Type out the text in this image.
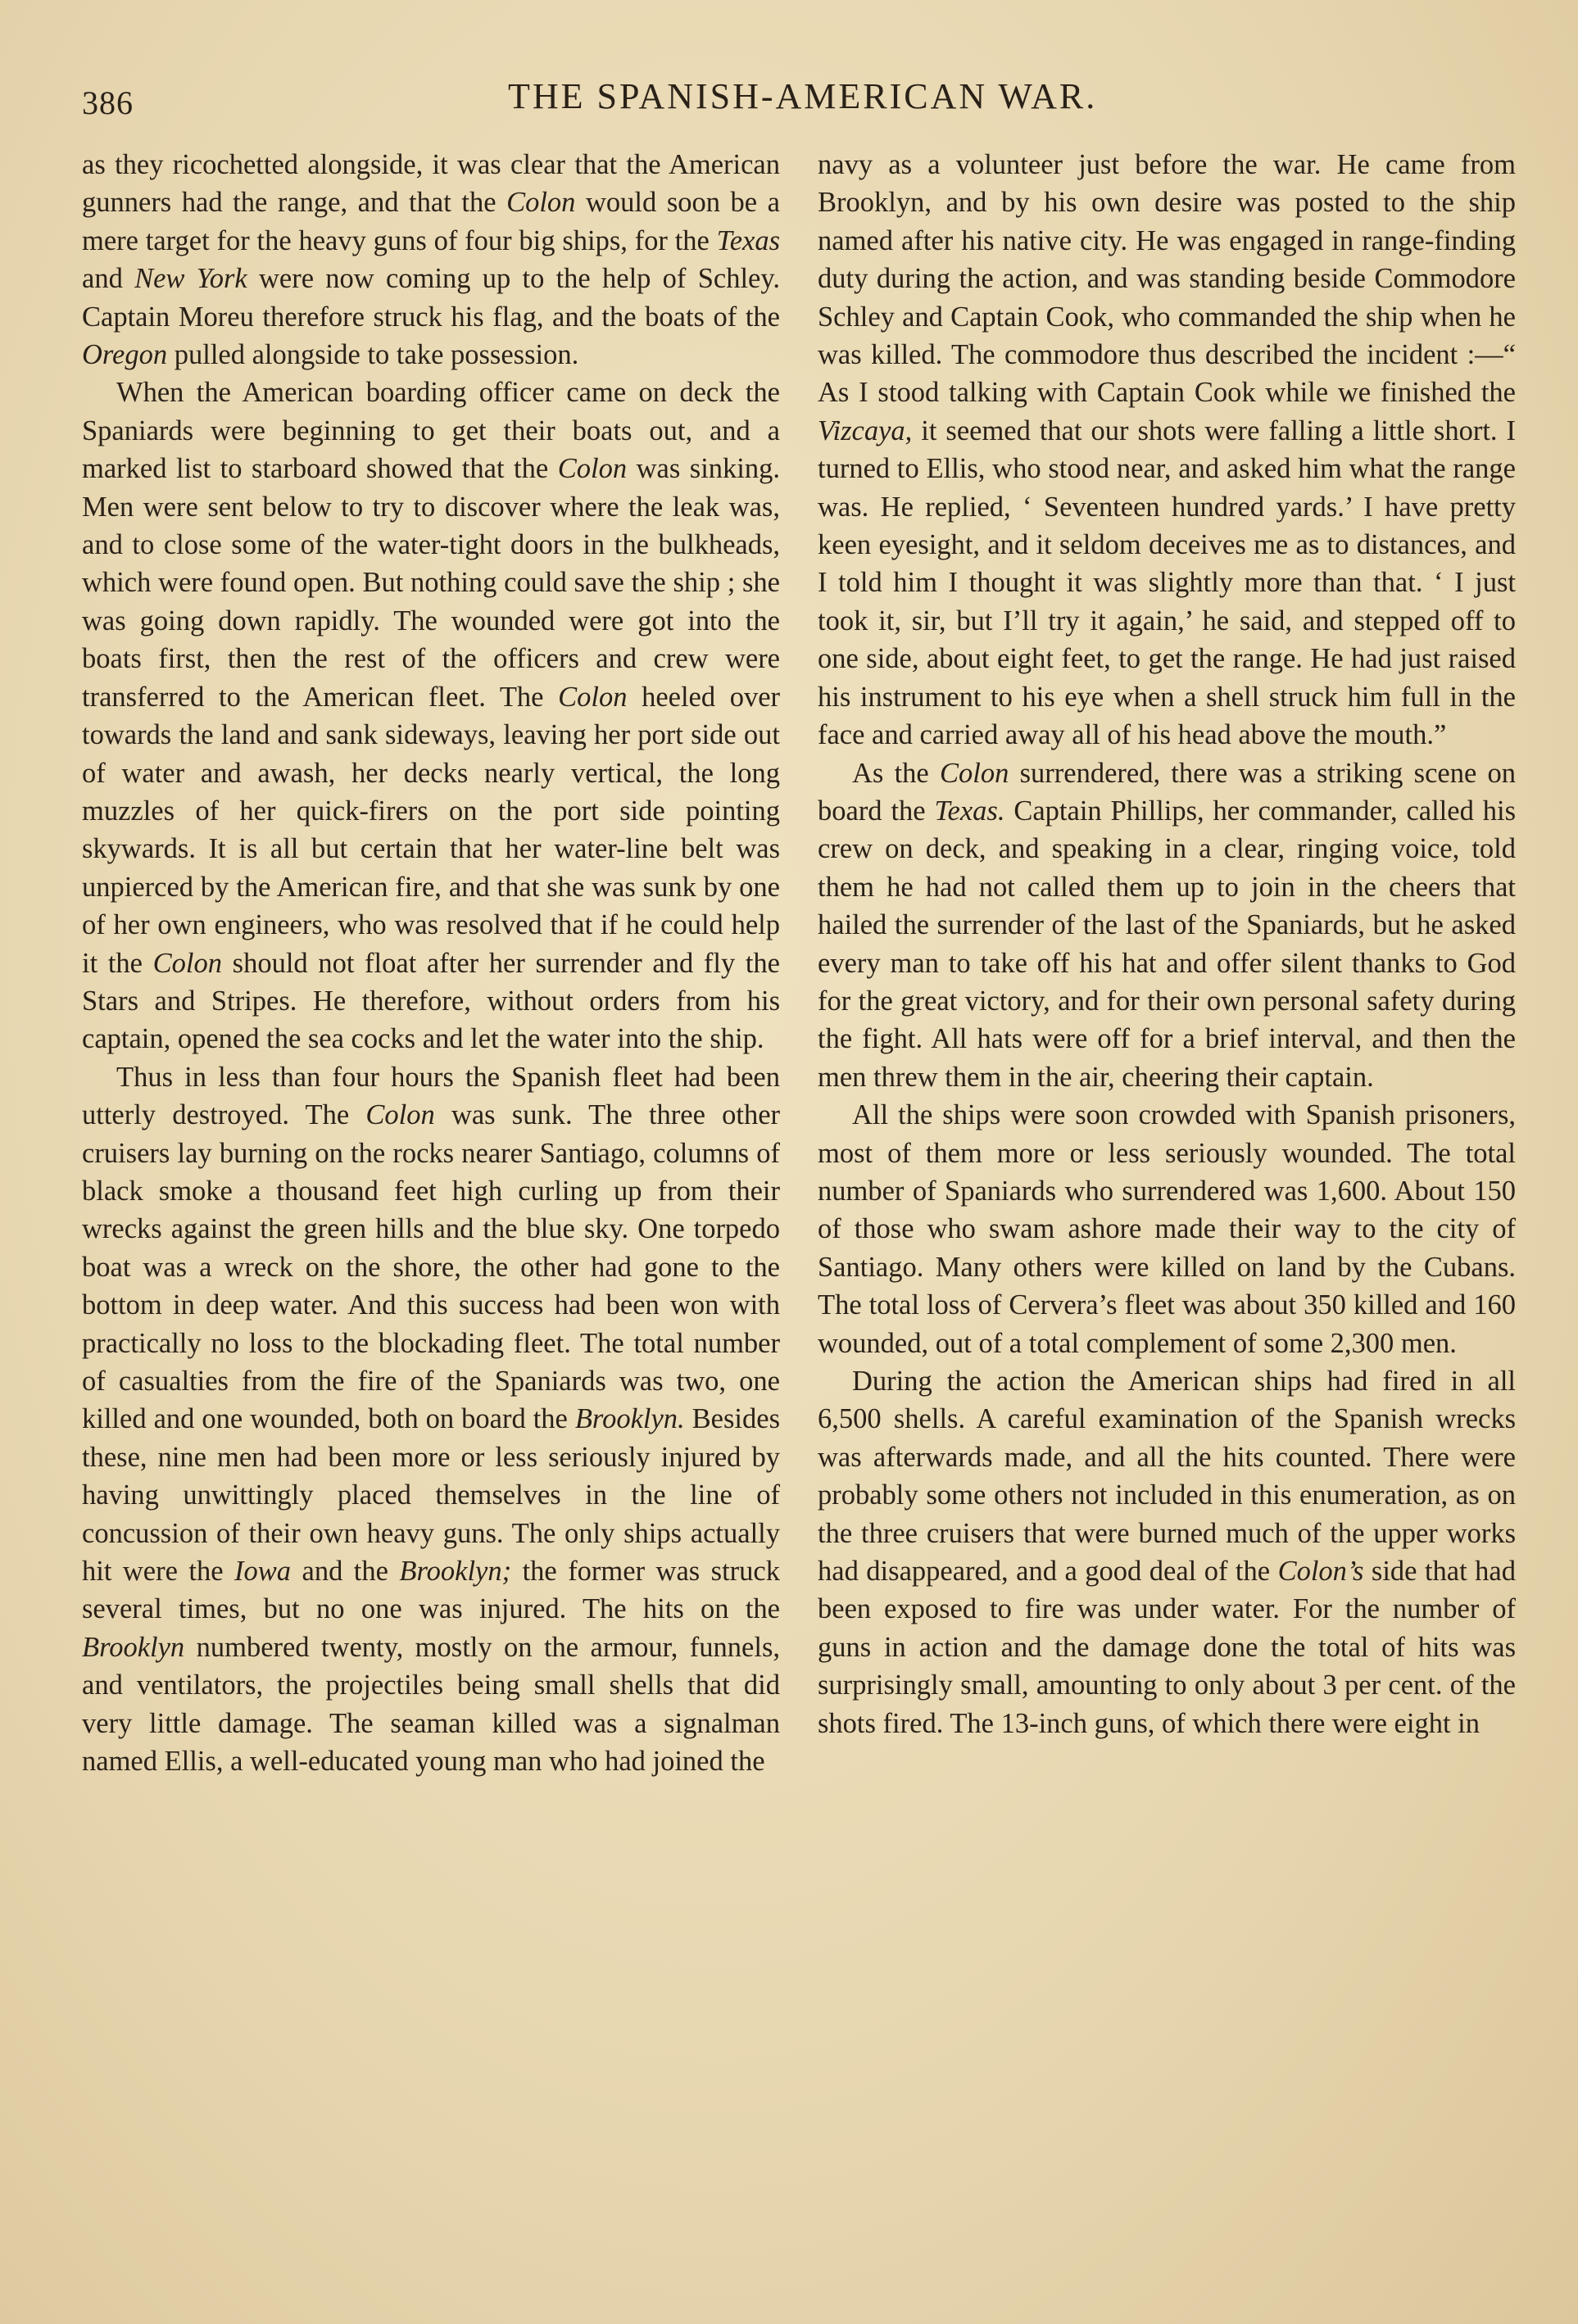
386	THE SPANISH-AMERICAN WAR.

as they ricochetted alongside, it was clear that the American gunners had the range, and that the Colon would soon be a mere target for the heavy guns of four big ships, for the Texas and New York were now coming up to the help of Schley. Captain Moreu therefore struck his flag, and the boats of the Oregon pulled alongside to take possession.

When the American boarding officer came on deck the Spaniards were beginning to get their boats out, and a marked list to starboard showed that the Colon was sinking. Men were sent below to try to discover where the leak was, and to close some of the water-tight doors in the bulkheads, which were found open. But nothing could save the ship ; she was going down rapidly. The wounded were got into the boats first, then the rest of the officers and crew were transferred to the American fleet. The Colon heeled over towards the land and sank sideways, leaving her port side out of water and awash, her decks nearly vertical, the long muzzles of her quick-firers on the port side pointing skywards. It is all but certain that her water-line belt was unpierced by the American fire, and that she was sunk by one of her own engineers, who was resolved that if he could help it the Colon should not float after her surrender and fly the Stars and Stripes. He therefore, without orders from his captain, opened the sea cocks and let the water into the ship.

Thus in less than four hours the Spanish fleet had been utterly destroyed. The Colon was sunk. The three other cruisers lay burning on the rocks nearer Santiago, columns of black smoke a thousand feet high curling up from their wrecks against the green hills and the blue sky. One torpedo boat was a wreck on the shore, the other had gone to the bottom in deep water. And this success had been won with practically no loss to the blockading fleet. The total number of casualties from the fire of the Spaniards was two, one killed and one wounded, both on board the Brooklyn. Besides these, nine men had been more or less seriously injured by having unwittingly placed themselves in the line of concussion of their own heavy guns. The only ships actually hit were the Iowa and the Brooklyn; the former was struck several times, but no one was injured. The hits on the Brooklyn numbered twenty, mostly on the armour, funnels, and ventilators, the projectiles being small shells that did very little damage. The seaman killed was a signalman named Ellis, a well-educated young man who had joined the

navy as a volunteer just before the war. He came from Brooklyn, and by his own desire was posted to the ship named after his native city. He was engaged in range-finding duty during the action, and was standing beside Commodore Schley and Captain Cook, who commanded the ship when he was killed. The commodore thus described the incident :—“ As I stood talking with Captain Cook while we finished the Vizcaya, it seemed that our shots were falling a little short. I turned to Ellis, who stood near, and asked him what the range was. He replied, ‘ Seventeen hundred yards.’ I have pretty keen eyesight, and it seldom deceives me as to distances, and I told him I thought it was slightly more than that. ‘ I just took it, sir, but I’ll try it again,’ he said, and stepped off to one side, about eight feet, to get the range. He had just raised his instrument to his eye when a shell struck him full in the face and carried away all of his head above the mouth.”

As the Colon surrendered, there was a striking scene on board the Texas. Captain Phillips, her commander, called his crew on deck, and speaking in a clear, ringing voice, told them he had not called them up to join in the cheers that hailed the surrender of the last of the Spaniards, but he asked every man to take off his hat and offer silent thanks to God for the great victory, and for their own personal safety during the fight. All hats were off for a brief interval, and then the men threw them in the air, cheering their captain.

All the ships were soon crowded with Spanish prisoners, most of them more or less seriously wounded. The total number of Spaniards who surrendered was 1,600. About 150 of those who swam ashore made their way to the city of Santiago. Many others were killed on land by the Cubans. The total loss of Cervera’s fleet was about 350 killed and 160 wounded, out of a total complement of some 2,300 men.

During the action the American ships had fired in all 6,500 shells. A careful examination of the Spanish wrecks was afterwards made, and all the hits counted. There were probably some others not included in this enumeration, as on the three cruisers that were burned much of the upper works had disappeared, and a good deal of the Colon’s side that had been exposed to fire was under water. For the number of guns in action and the damage done the total of hits was surprisingly small, amounting to only about 3 per cent. of the shots fired. The 13-inch guns, of which there were eight in
